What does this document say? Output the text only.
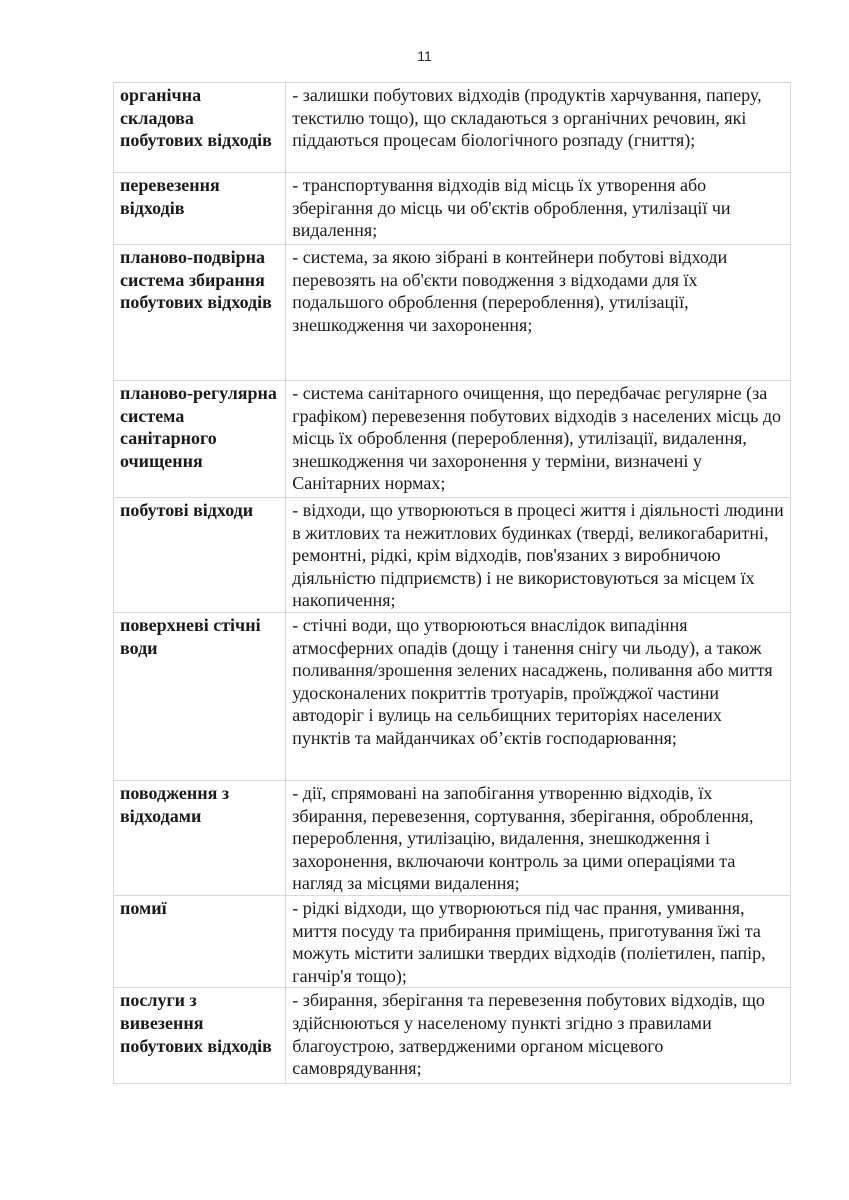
11
органічна складова побутових відходів	- залишки побутових відходів (продуктів харчування, паперу, текстилю тощо), що складаються з органічних речовин, які піддаються процесам біологічного розпаду (гниття);
перевезення відходів	- транспортування відходів від місць їх утворення або зберігання до місць чи об'єктів оброблення, утилізації чи видалення;
планово-подвірна система збирання побутових відходів	- система, за якою зібрані в контейнери побутові відходи перевозять на об'єкти поводження з відходами для їх подальшого оброблення (перероблення), утилізації, знешкодження чи захоронення;
планово-регулярна система санітарного очищення	- система санітарного очищення, що передбачає регулярне (за графіком) перевезення побутових відходів з населених місць до місць їх оброблення (перероблення), утилізації, видалення, знешкодження чи захоронення у терміни, визначені у Санітарних нормах;
побутові відходи	- відходи, що утворюються в процесі життя і діяльності людини в житлових та нежитлових будинках (тверді, великогабаритні, ремонтні, рідкі, крім відходів, пов'язаних з виробничою діяльністю підприємств) і не використовуються за місцем їх накопичення;
поверхневі стічні води	- стічні води, що утворюються внаслідок випадіння атмосферних опадів (дощу і танення снігу чи льоду), а також поливання/зрошення зелених насаджень, поливання або миття удосконалених покриттів тротуарів, проїжджої частини автодоріг і вулиць на сельбищних територіях населених пунктів та майданчиках об’єктів господарювання;
поводження з відходами	- дії, спрямовані на запобігання утворенню відходів, їх збирання, перевезення, сортування, зберігання, оброблення, перероблення, утилізацію, видалення, знешкодження і захоронення, включаючи контроль за цими операціями та нагляд за місцями видалення;
помиї	- рідкі відходи, що утворюються під час прання, умивання, миття посуду та прибирання приміщень, приготування їжі та можуть містити залишки твердих відходів (поліетилен, папір, ганчір'я тощо);
послуги з вивезення побутових відходів	- збирання, зберігання та перевезення побутових відходів, що здійснюються у населеному пункті згідно з правилами благоустрою, затвердженими органом місцевого самоврядування;
